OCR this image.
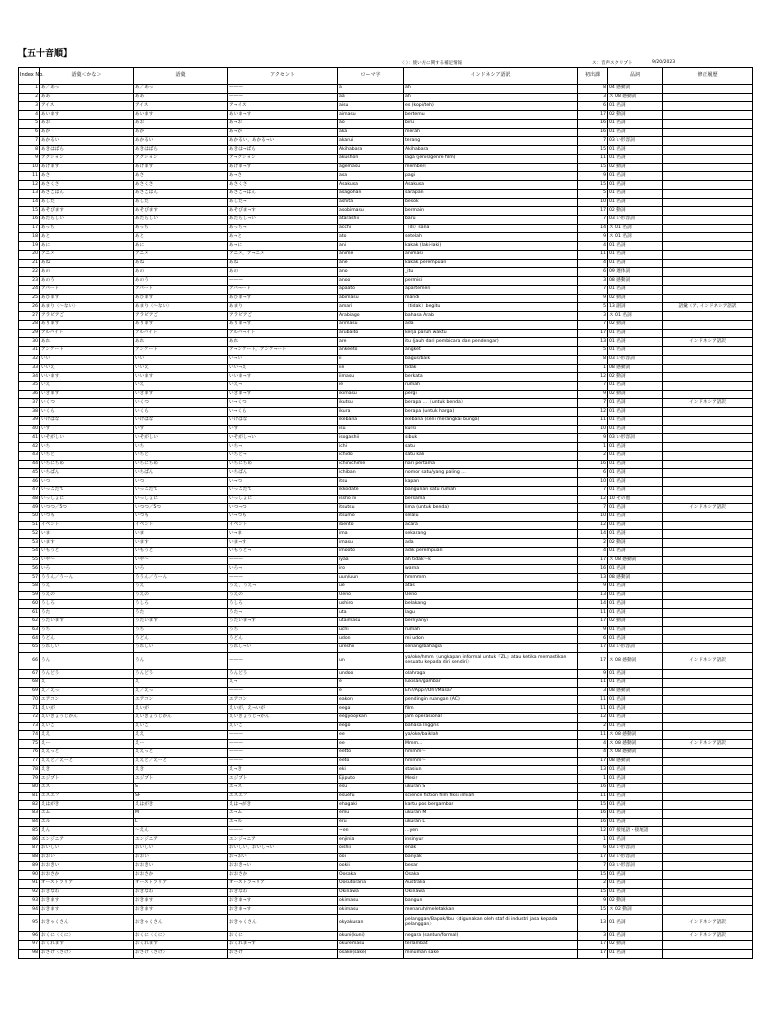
【五十音順】
〈 〉：使い方に関する補足情報	ス：音声スクリプト	9/20/2023
Index No.	語彙＜かな＞	語彙	アクセント	ローマ字	インドネシア語訳	初出課	品詞	修正履歴
1	あ／あっ	あ／あっ	———	a	ah	8	04 感動詞	
2	ああ	ああ	———	aa	ah	3	ス 08 感動詞	
3	アイス	アイス	ア¬イス	aisu	es (kopi/teh)	6	01 名詞	
4	あいます	あいます	あいま¬す	aimasu	bertemu	17	02 動詞	
5	あお	あお	あ¬お	ao	biru	16	01 名詞	
6	あか	あか	あ¬か	aka	merah	16	01 名詞	
7	あかるい	あかるい	あかるい，あかる¬い	akarui	terang	7	03 い形容詞	
8	あきはばら	あきはばら	あきは¬ばら	Akihabara	Akihabara	15	01 名詞	
9	アクション	アクション	ア¬クション	akushon	laga (jenis/genre film)	11	01 名詞	
10	あげます	あげます	あげま¬す	agemasu	memberi	15	02 動詞	
11	あさ	あさ	あ¬さ	asa	pagi	9	01 名詞	
12	あさくさ	あさくさ	あさくさ	Asakusa	Asakusa	15	01 名詞	
13	あさごはん	あさごはん	あさご¬はん	asagohan	sarapan	5	01 名詞	
14	あした	あした	あした¬	ashita	besok	10	01 名詞	
15	あそびます	あそびます	あそびま¬す	asobimasu	bermain	17	02 動詞	
16	あたらしい	あたらしい	あたらし¬い	atarashii	baru	7	03 い形容詞	
17	あっち	あっち	あっち¬	acchi	（di）sana	14	ス 01 名詞	
18	あと	あと	あ¬と	ato	setelah	9	ス 01 名詞	
19	あに	あに	あ¬に	ani	kakak (laki-laki)	4	01 名詞	
20	アニメ	アニメ	アニメ，ア¬ニメ	anime	animasi	11	01 名詞	
21	あね	あね	あね	ane	kakak perempuan	4	01 名詞	
22	あの	あの	あの	ano	_itu	6	09 連体詞	
23	あのう	あのう	———	anoo	permisi	3	08 感動詞	
24	アパート	アパート	アパ¬ート	apaato	apartemen	7	01 名詞	
25	あびます	あびます	あびま¬す	abimasu	mandi	9	02 動詞	
26	あまり〈〜ない〉	あまり〈〜ない〉	あまり	amari	（tidak）begitu	5	13 副詞	語彙（ア, インドネシア語訳
27	アラビアご	アラビアご	アラビアご	Arabiago	bahasa Arab	3	ス 01 名詞	
28	あります	あります	ありま¬す	arimasu	ada	7	02 動詞	
29	アルバイト	アルバイト	アルバ¬イト	arubaito	kerja paruh waktu	17	01 名詞	
30	あれ	あれ	あれ	are	itu (jauh dari pembicara dan pendengar)	13	01 名詞	インドネシア語訳
31	アンケート	アンケート	ア¬ンケート，アンケ¬ート	ankeeto	angket	5	01 名詞	
32	いい	いい	い¬い	ii	bagus/baik	8	03 い形容詞	
33	いいえ	いいえ	いい¬え	iie	tidak	1	08 感動詞	
34	いいます	いいます	いいま¬す	iimasu	berkata	12	02 動詞	
35	いえ	いえ	いえ¬	ie	rumah	7	01 名詞	
36	いきます	いきます	いきま¬す	ikimasu	pergi	9	02 動詞	
37	いくつ	いくつ	い¬くつ	ikutsu	berapa …（untuk benda）	7	01 名詞	インドネシア語訳
38	いくら	いくら	い¬くら	ikura	berapa (untuk harga)	12	01 名詞	
39	いけばな	いけばな	いけばな	ikebana	ikebana (seni merangkai bunga)	11	01 名詞	
40	いす	いす	いす	isu	kursi	10	01 名詞	
41	いそがしい	いそがしい	いそがし¬い	isogashii	sibuk	9	03 い形容詞	
42	いち	いち	いち¬	ichi	satu	1	01 名詞	
43	いちど	いちど	いちど¬	ichido	satu kali	2	01 名詞	
44	いちにちめ	いちにちめ	いちにちめ	ichinichime	hari pertama	16	01 名詞	
45	いちばん	いちばん	いちばん	ichiban	nomor satu/yang paling …	6	01 名詞	
46	いつ	いつ	い¬つ	itsu	kapan	10	01 名詞	
47	いっこだて	いっこだて	いっこだて	ikkodate	bangunan satu rumah	7	01 名詞	
48	いっしょに	いっしょに	いっしょに	issho ni	bersama	12	10 その他	
49	いつつ／5つ	いつつ／5つ	いつ¬つ	itsutsu	lima (untuk benda)	7	01 名詞	インドネシア語訳
50	いつも	いつも	い¬つも	itsumo	selalu	10	01 名詞	
51	イベント	イベント	イベント	ibento	acara	12	01 名詞	
52	いま	いま	い¬ま	ima	sekarang	14	01 名詞	
53	います	います	いま¬す	imasu	ada	2	02 動詞	
54	いもうと	いもうと	いもうと¬	imooto	adik perempuan	4	01 名詞	
55	いや〜	いや〜	———	iyaa	ah tidak〜k	17	ス 08 感動詞	
56	いろ	いろ	いろ¬	iro	warna	16	01 名詞	
57	ううん／うーん	ううん／うーん	———	uun/uun	hmmmm	13	08 感動詞	
58	うえ	うえ	うえ，うえ¬	ue	atas	9	01 名詞	
59	うえの	うえの	うえの	Ueno	Ueno	13	01 名詞	
60	うしろ	うしろ	うしろ	ushiro	belakang	14	01 名詞	
61	うた	うた	うた¬	uta	lagu	11	01 名詞	
62	うたいます	うたいます	うたいま¬す	utaimasu	bernyanyi	17	02 動詞	
63	うち	うち	うち	uchi	rumah	9	01 名詞	
64	うどん	うどん	うどん	udon	mi udon	6	01 名詞	
65	うれしい	うれしい	うれし¬い	ureshii	senang/bahagia	17	03 い形容詞	
66	うん	うん	———	un	ya/oke/hmm〈ungkapan informal untuk『ZL』atau ketika memastikan sesuatu kepada diri sendiri〉	17	ス 08 感動詞	インドネシア語訳
67	うんどう	うんどう	うんどう	undoo	olahraga	9	01 名詞	
68	え	え	え¬	e	lukisan/gambar	11	01 名詞	
69	え／えっ	え／えっ	———	e	Eh?/App?/Oh!/Masa?	3	08 感動詞	
70	エアコン	エアコン	エアコン	eakon	pendingin ruangan (AC)	11	01 名詞	
71	えいが	えいが	えいが，え¬いが	eega	film	11	01 名詞	
72	えいぎょうじかん	えいぎょうじかん	えいぎょうじ¬かん	eegyoojikan	jam operasional	12	01 名詞	
73	えいご	えいご	えいご	eego	bahasa Inggris	2	01 名詞	
74	ええ	ええ	———	ee	ya/oke/baiklah	11	ス 08 感動詞	
75	えー	えー	———	ee	Mmm...	4	ス 08 感動詞	インドネシア語訳
76	ええっと	ええっと	———	eetto	hmmm〜	4	ス 08 感動詞	
77	ええと／えーと	ええと／えーと	———	eeto	hmmm〜	17	08 感動詞	
78	えき	えき	え¬き	eki	stasiun	13	01 名詞	
79	エジプト	エジプト	エジプト	Ejiputo	Mesir	1	01 名詞	
80	エス	S	エ¬ス	esu	ukuran S	16	01 名詞	
81	エスエフ	SF	エスエフ	esuefu	science fiction film fiksi ilmiah	11	01 名詞	
82	えはがき	えはがき	えは¬がき	ehagaki	kartu pos bergambar	15	01 名詞	
83	エム	M	エ¬ム	emu	ukuran M	16	01 名詞	
84	エル	L	エ¬ル	eru	ukuran L	16	01 名詞	
85	えん	〜えん	———	~en	…yen	12	07 接尾語・接尾語	
86	エンジニア	エンジニア	エンジ¬ニア	enjinia	insinyur	1	01 名詞	
87	おいしい	おいしい	おいしい，おいし¬い	oishii	enak	6	03 い形容詞	
88	おおい	おおい	お¬おい	ooi	banyak	17	03 い形容詞	
89	おおきい	おおきい	おおき¬い	ookii	besar	7	03 い形容詞	
90	おおさか	おおさか	おおさか	Oosaka	Osaka	15	01 名詞	
91	オーストラリア	オーストラリア	オーストラ¬リア	Oosutoraria	Australia	2	01 名詞	
92	おきなわ	おきなわ	おきなわ	Okinawa	Okinawa	15	01 名詞	
93	おきます	おきます	おきま¬す	okimasu	bangun	9	02 動詞	
94	おきます	おきます	おきま¬す	okimasu	menaruh/meletakkan	15	ス 02 動詞	
95	おきゃくさん	おきゃくさん	おきゃくさん	okyakusan	pelanggan/Bapak/Ibu〈digunakan oleh staf di industri jasa kepada pelanggan〉	13	01 名詞	インドネシア語訳
96	おくに〈くに〉	おくに〈くに〉	おくに	okuni(kuni)	negara (santun/formal)	3	01 名詞	インドネシア語訳
97	おくれます	おくれます	おくれま¬す	okuremasu	terlambat	17	02 動詞	
98	おさけ〈さけ〉	おさけ〈さけ〉	おさけ	osake(sake)	minuman sake	17	01 名詞	
